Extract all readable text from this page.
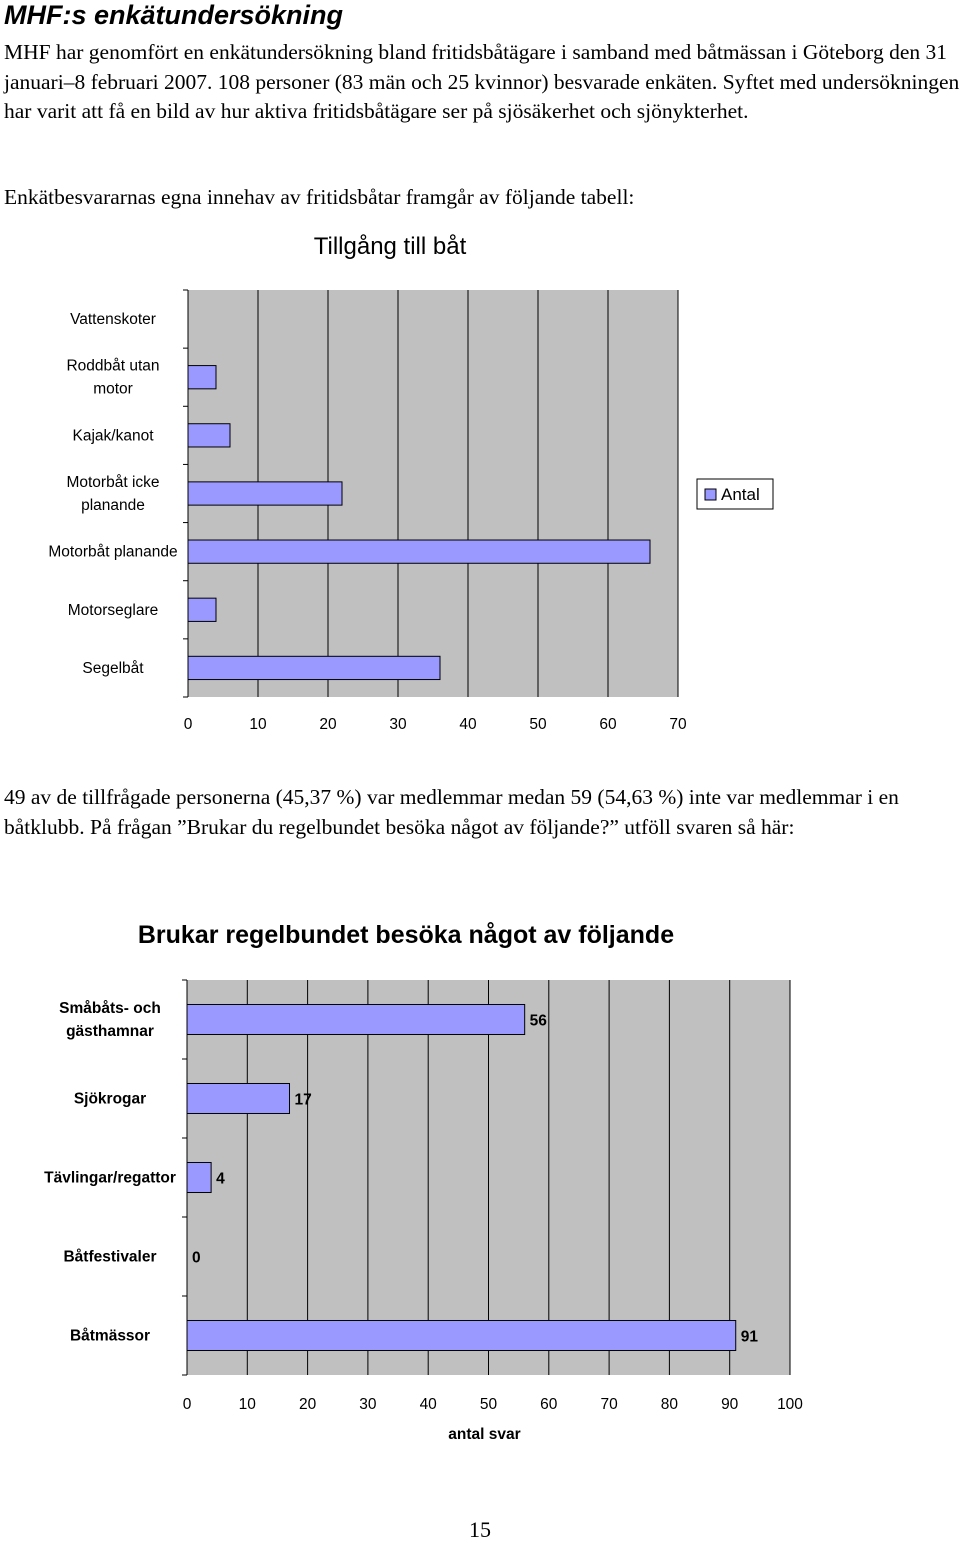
MHF:s enkätundersökning

MHF har genomfört en enkätundersökning bland fritidsbåtägare i samband med båtmässan i Göteborg den 31 januari–8 februari 2007. 108 personer (83 män och 25 kvinnor) besvarade enkäten. Syftet med undersökningen har varit att få en bild av hur aktiva fritidsbåtägare ser på sjösäkerhet och sjönykterhet.

Enkätbesvararnas egna innehav av fritidsbåtar framgår av följande tabell:

Tillgång till båt
Vattenskoter
Roddbåt utan
motor
Kajak/kanot
Motorbåt icke
planande
Motorbåt planande
Motorseglare
Segelbåt
0	10	20	30	40	50	60	70
Antal

49 av de tillfrågade personerna (45,37 %) var medlemmar medan 59 (54,63 %) inte var medlemmar i en båtklubb. På frågan ”Brukar du regelbundet besöka något av följande?” utföll svaren så här:

Brukar regelbundet besöka något av följande
56
Småbåts- och
gästhamnar
17
Sjökrogar
4
Tävlingar/regattor
0
Båtfestivaler
91
Båtmässor
0	10	20	30	40	50	60	70	80	90 100
antal svar

15
